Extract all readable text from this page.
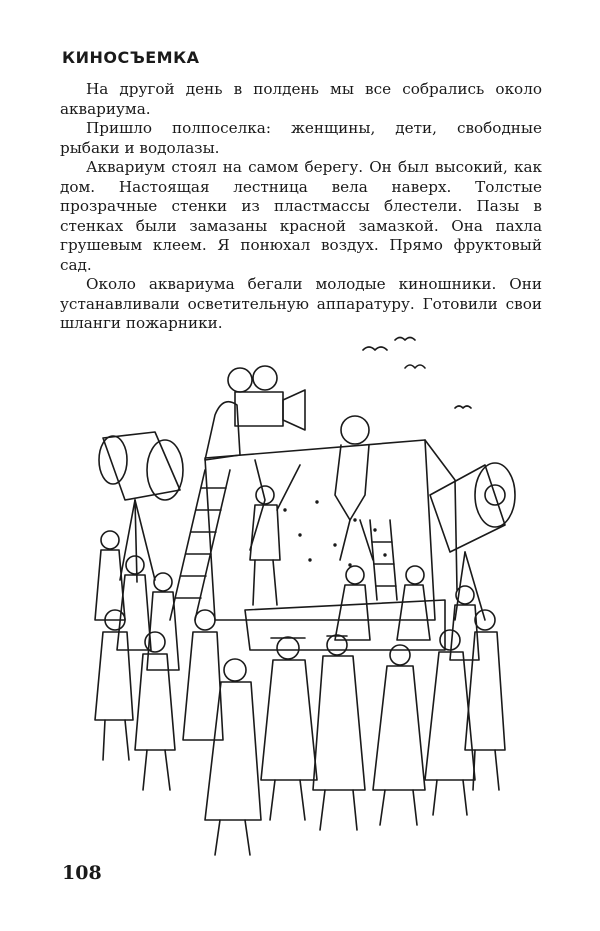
КИНОСЪЕМКА

На другой день в полдень мы все собрались около аквариума.

Пришло полпоселка: женщины, дети, свободные рыбаки и водолазы.

Аквариум стоял на самом берегу. Он был высокий, как дом. Настоящая лестница вела наверх. Толстые прозрачные стенки из пластмассы блестели. Пазы в стенках были замазаны красной замазкой. Она пахла грушевым клеем. Я понюхал воздух. Прямо фруктовый сад.

Около аквариума бегали молодые киношники. Они устанавливали осветительную аппаратуру. Готовили свои шланги пожарники.

108
